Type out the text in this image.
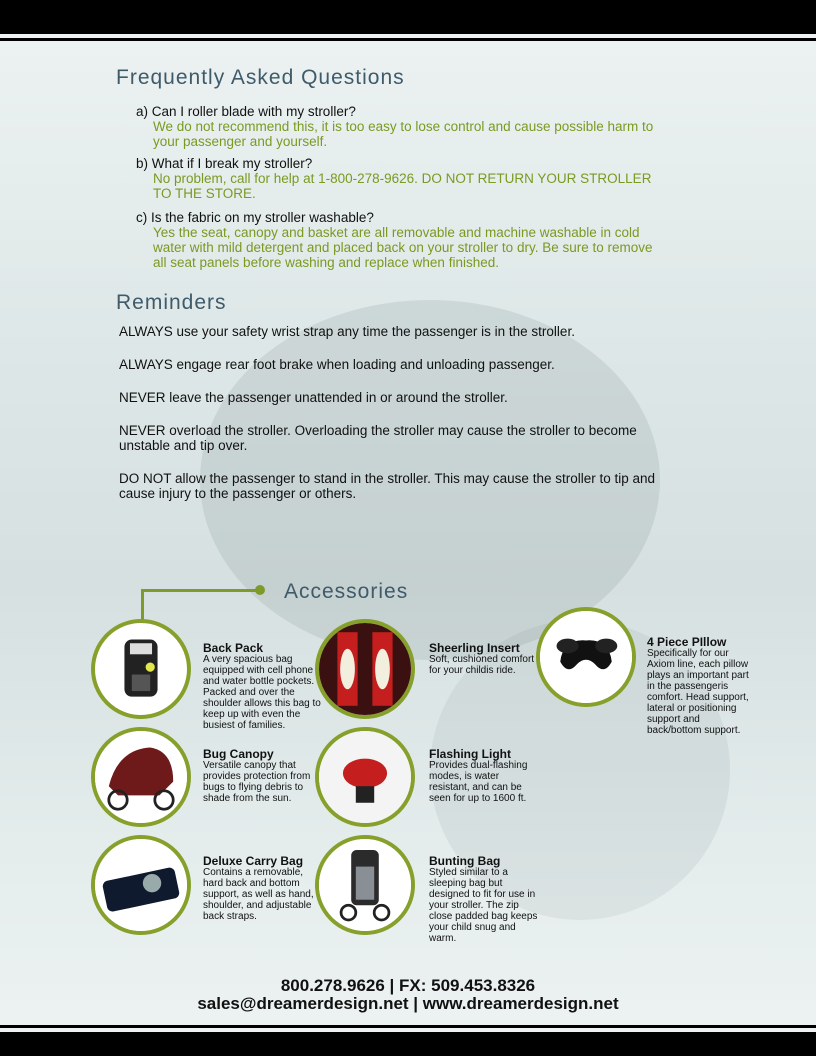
Frequently Asked Questions
a) Can I roller blade with my stroller?
We do not recommend this, it is too easy to lose control and cause possible harm to your passenger and yourself.
b) What if I break my stroller?
No problem, call for help at 1-800-278-9626. DO NOT RETURN YOUR STROLLER TO THE STORE.
c) Is the fabric on my stroller washable?
Yes the seat, canopy and basket are all removable and machine washable in cold water with mild detergent and placed back on your stroller to dry. Be sure to remove all seat panels before washing and replace when finished.
Reminders

ALWAYS use your safety wrist strap any time the passenger is in the stroller.

ALWAYS engage rear foot brake when loading and unloading passenger.

NEVER leave the passenger unattended in or around the stroller.

NEVER overload the stroller. Overloading the stroller may cause the stroller to become unstable and tip over.

DO NOT allow the passenger to stand in the stroller. This may cause the stroller to tip and cause injury to the passenger or others.

Accessories
Back Pack
A very spacious bag equipped with cell phone and water bottle pockets. Packed and over the shoulder allows this bag to keep up with even the busiest of families.
Sheerling Insert
Soft, cushioned comfort for your childis ride.
4 Piece PIllow
Specifically for our Axiom line, each pillow plays an important part in the passengeris comfort. Head support, lateral or positioning support and back/bottom support.
Bug Canopy
Versatile canopy that provides protection from bugs to flying debris to shade from the sun.
Flashing Light
Provides dual-flashing modes, is water resistant, and can be seen for up to 1600 ft.
Deluxe Carry Bag
Contains a removable, hard back and bottom support, as well as hand, shoulder, and adjustable back straps.
Bunting Bag
Styled similar to a sleeping bag but designed to fit for use in your stroller. The zip close padded bag keeps your child snug and warm.
800.278.9626 | FX: 509.453.8326
sales@dreamerdesign.net | www.dreamerdesign.net
